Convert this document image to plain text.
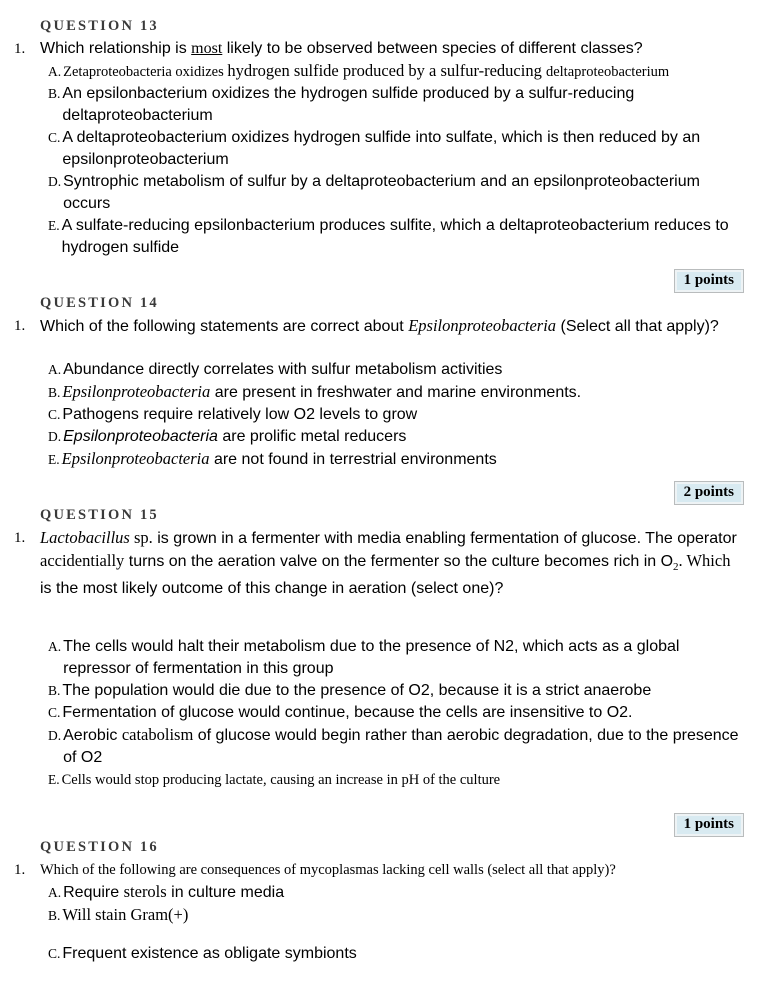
QUESTION 13
1. Which relationship is most likely to be observed between species of different classes?

A. Zetaproteobacteria oxidizes hydrogen sulfide produced by a sulfur-reducing deltaproteobacterium
B. An epsilonbacterium oxidizes the hydrogen sulfide produced by a sulfur-reducing deltaproteobacterium
C. A deltaproteobacterium oxidizes hydrogen sulfide into sulfate, which is then reduced by an epsilonproteobacterium
D. Syntrophic metabolism of sulfur by a deltaproteobacterium and an epsilonproteobacterium occurs
E. A sulfate-reducing epsilonbacterium produces sulfite, which a deltaproteobacterium reduces to hydrogen sulfide
1 points
QUESTION 14
1. Which of the following statements are correct about Epsilonproteobacteria (Select all that apply)?

A. Abundance directly correlates with sulfur metabolism activities
B. Epsilonproteobacteria are present in freshwater and marine environments.
C. Pathogens require relatively low O2 levels to grow
D. Epsilonproteobacteria are prolific metal reducers
E. Epsilonproteobacteria are not found in terrestrial environments
2 points
QUESTION 15
1. Lactobacillus sp. is grown in a fermenter with media enabling fermentation of glucose. The operator accidentially turns on the aeration valve on the fermenter so the culture becomes rich in $O_2$. Which is the most likely outcome of this change in aeration (select one)?

A. The cells would halt their metabolism due to the presence of N2, which acts as a global repressor of fermentation in this group
B. The population would die due to the presence of O2, because it is a strict anaerobe
C. Fermentation of glucose would continue, because the cells are insensitive to O2.
D. Aerobic catabolism of glucose would begin rather than aerobic degradation, due to the presence of O2
E. Cells would stop producing lactate, causing an increase in pH of the culture
1 points
QUESTION 16
1.	Which of the following are consequences of mycoplasmas lacking cell walls (select all that apply)?

A. Require sterols in culture media
B. Will stain Gram(+)
C. Frequent existence as obligate symbionts
